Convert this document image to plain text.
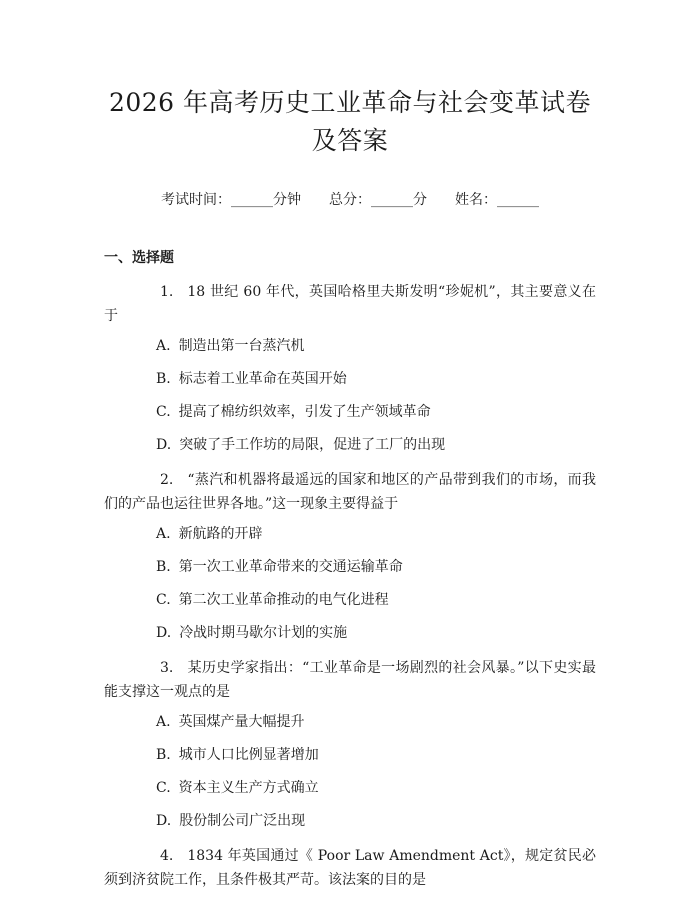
2026 年高考历史工业革命与社会变革试卷及答案
考试时间：______分钟 总分：______分 姓名：______
一、选择题
1. 18 世纪 60 年代，英国哈格里夫斯发明“珍妮机”，其主要意义在于
A. 制造出第一台蒸汽机
B. 标志着工业革命在英国开始
C. 提高了棉纺织效率，引发了生产领域革命
D. 突破了手工作坊的局限，促进了工厂的出现
2. “蒸汽和机器将最遥远的国家和地区的产品带到我们的市场，而我们的产品也运往世界各地。”这一现象主要得益于
A. 新航路的开辟
B. 第一次工业革命带来的交通运输革命
C. 第二次工业革命推动的电气化进程
D. 冷战时期马歇尔计划的实施
3. 某历史学家指出：“工业革命是一场剧烈的社会风暴。”以下史实最能支撑这一观点的是
A. 英国煤产量大幅提升
B. 城市人口比例显著增加
C. 资本主义生产方式确立
D. 股份制公司广泛出现
4. 1834 年英国通过《 Poor Law Amendment Act》，规定贫民必须到济贫院工作，且条件极其严苛。该法案的目的是
